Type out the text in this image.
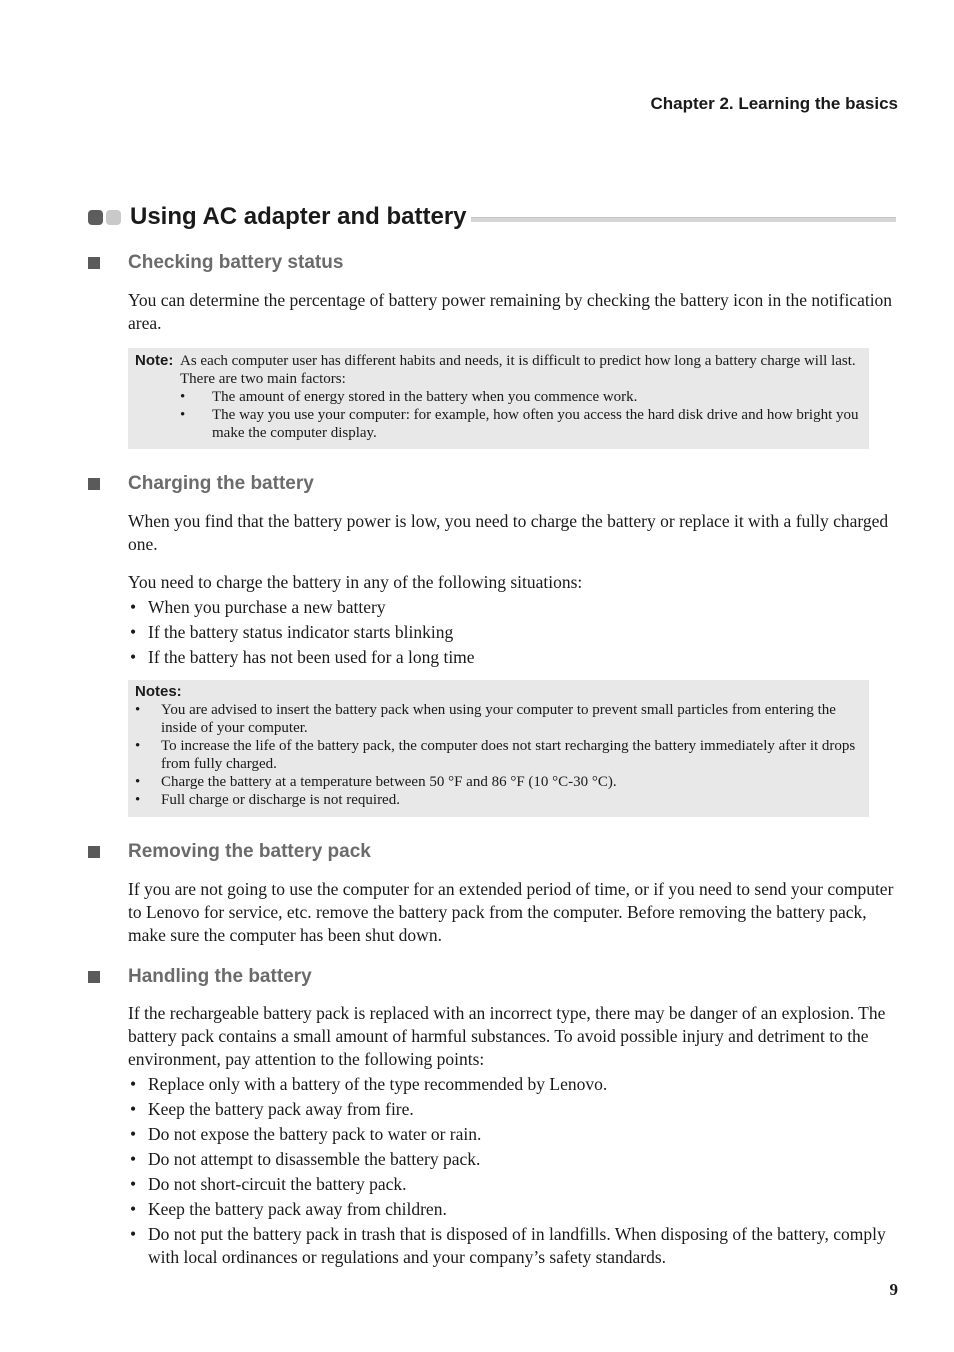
Chapter 2. Learning the basics
Using AC adapter and battery
Checking battery status

You can determine the percentage of battery power remaining by checking the battery icon in the notification area.

Note: As each computer user has different habits and needs, it is difficult to predict how long a battery charge will last. There are two main factors:
• The amount of energy stored in the battery when you commence work.
• The way you use your computer: for example, how often you access the hard disk drive and how bright you make the computer display.
Charging the battery

When you find that the battery power is low, you need to charge the battery or replace it with a fully charged one.

You need to charge the battery in any of the following situations:

• When you purchase a new battery
• If the battery status indicator starts blinking
• If the battery has not been used for a long time
Notes:
• You are advised to insert the battery pack when using your computer to prevent small particles from entering the inside of your computer.
• To increase the life of the battery pack, the computer does not start recharging the battery immediately after it drops from fully charged.
• Charge the battery at a temperature between 50 °F and 86 °F (10 °C-30 °C).
• Full charge or discharge is not required.
Removing the battery pack

If you are not going to use the computer for an extended period of time, or if you need to send your computer to Lenovo for service, etc. remove the battery pack from the computer. Before removing the battery pack, make sure the computer has been shut down.

Handling the battery

If the rechargeable battery pack is replaced with an incorrect type, there may be danger of an explosion. The battery pack contains a small amount of harmful substances. To avoid possible injury and detriment to the environment, pay attention to the following points:

• Replace only with a battery of the type recommended by Lenovo.
• Keep the battery pack away from fire.
• Do not expose the battery pack to water or rain.
• Do not attempt to disassemble the battery pack.
• Do not short-circuit the battery pack.
• Keep the battery pack away from children.
• Do not put the battery pack in trash that is disposed of in landfills. When disposing of the battery, comply with local ordinances or regulations and your company’s safety standards.
9
